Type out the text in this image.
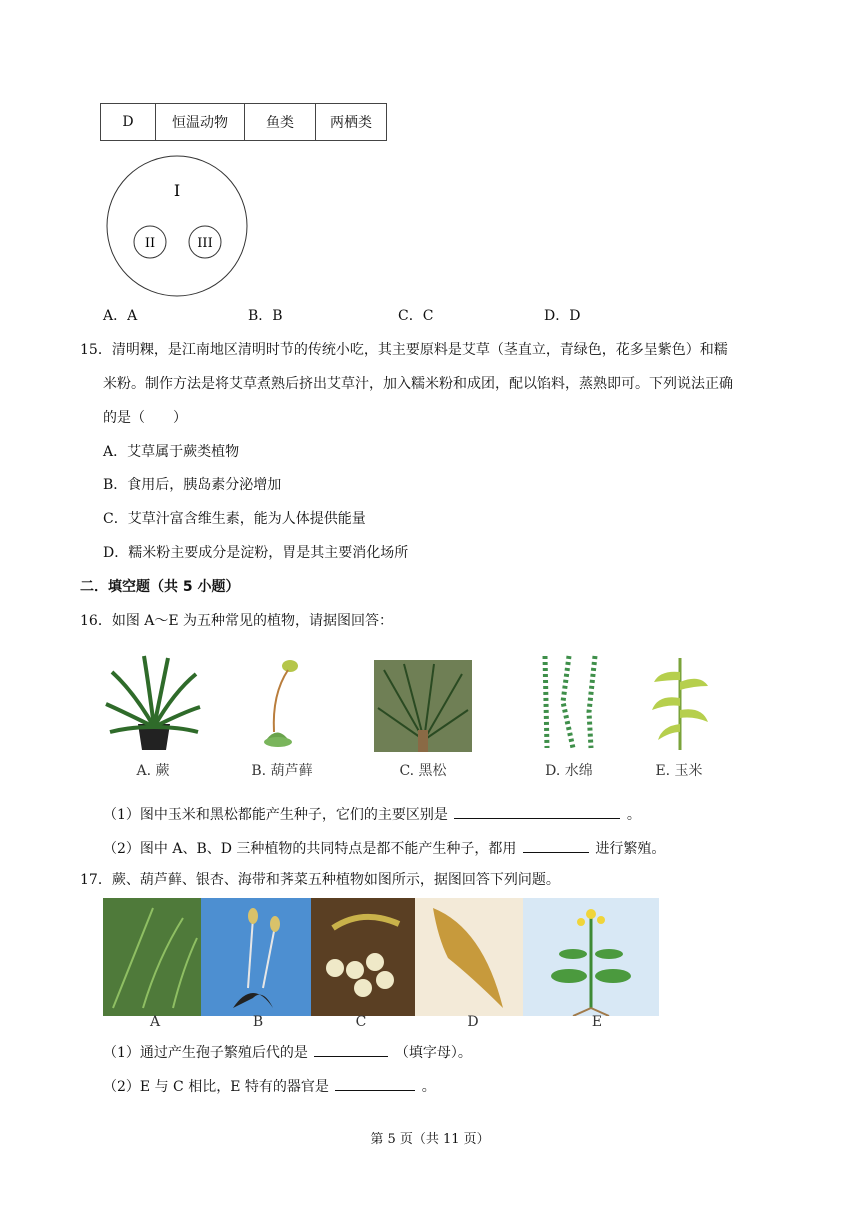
D	恒温动物	鱼类	两栖类
I
II	III
A．A	B．B	C．C	D．D
15．清明粿，是江南地区清明时节的传统小吃，其主要原料是艾草（茎直立，青绿色，花多呈紫色）和糯
米粉。制作方法是将艾草煮熟后挤出艾草汁，加入糯米粉和成团，配以馅料，蒸熟即可。下列说法正确
的是（　　）
A．艾草属于蕨类植物
B．食用后，胰岛素分泌增加
C．艾草汁富含维生素，能为人体提供能量
D．糯米粉主要成分是淀粉，胃是其主要消化场所
二．填空题（共 5 小题）
16．如图 A～E 为五种常见的植物，请据图回答：
A. 蕨	B. 葫芦藓	C. 黑松	D. 水绵	E. 玉米
（1）图中玉米和黑松都能产生种子，它们的主要区别是	。
（2）图中 A、B、D 三种植物的共同特点是都不能产生种子，都用	进行繁殖。
17．蕨、葫芦藓、银杏、海带和荠菜五种植物如图所示，据图回答下列问题。
A	B	C	D	E
（1）通过产生孢子繁殖后代的是	（填字母）。
（2）E 与 C 相比，E 特有的器官是	。
第 5 页（共 11 页）
